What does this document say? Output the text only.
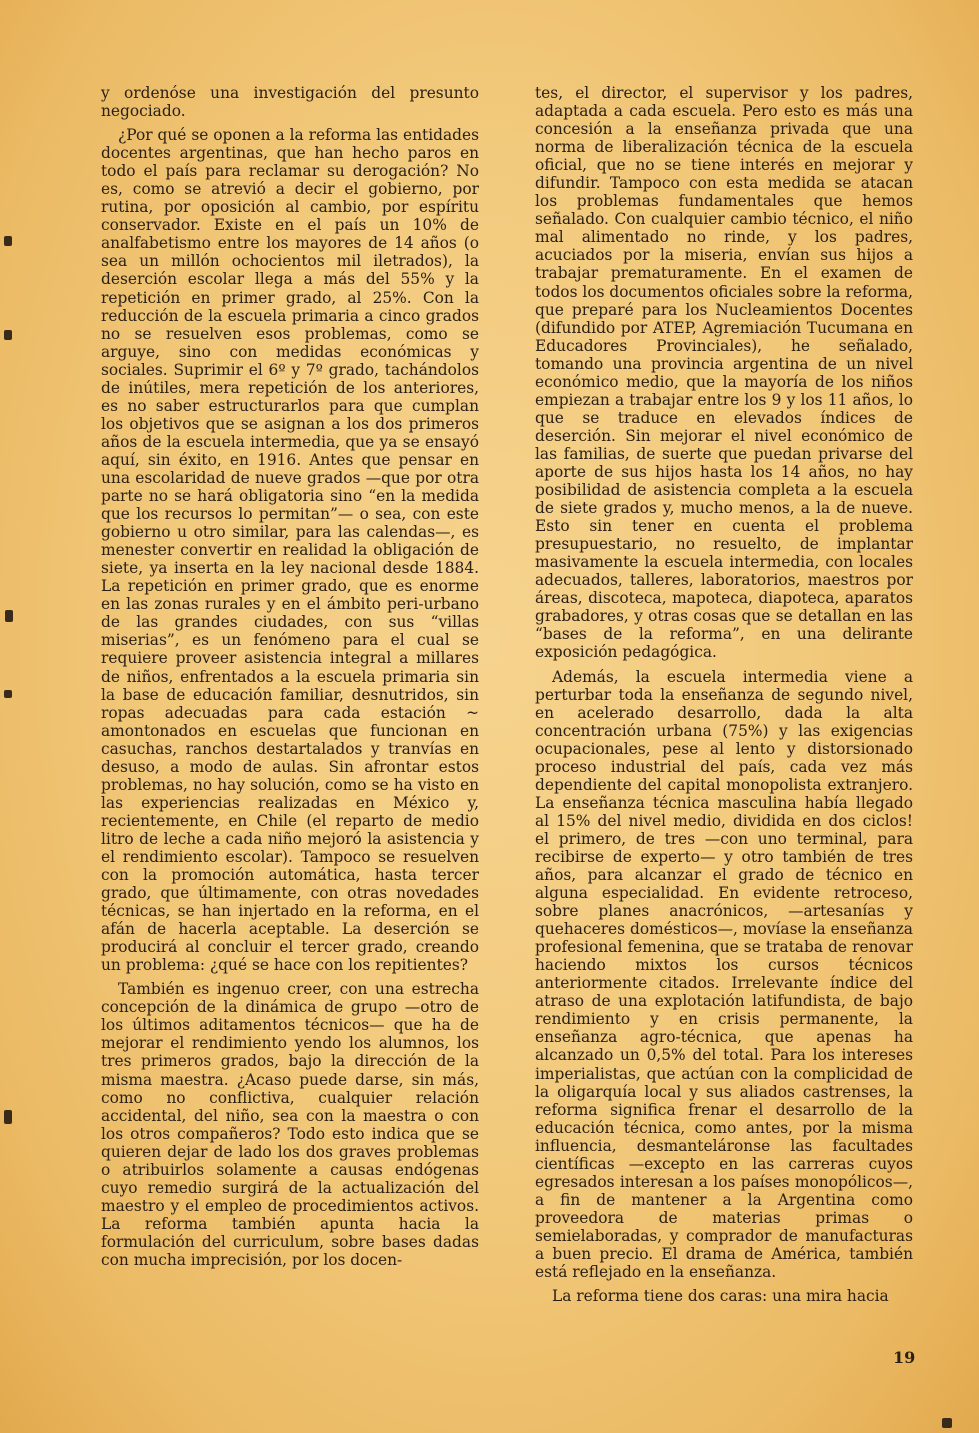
y ordenóse una investigación del presunto negociado.

¿Por qué se oponen a la reforma las entidades docentes argentinas, que han hecho paros en todo el país para reclamar su derogación? No es, como se atrevió a decir el gobierno, por rutina, por oposición al cambio, por espíritu conservador. Existe en el país un 10% de analfabetismo entre los mayores de 14 años (o sea un millón ochocientos mil iletrados), la deserción escolar llega a más del 55% y la repetición en primer grado, al 25%. Con la reducción de la escuela primaria a cinco grados no se resuelven esos problemas, como se arguye, sino con medidas económicas y sociales. Suprimir el 6º y 7º grado, tachándolos de inútiles, mera repetición de los anteriores, es no saber estructurarlos para que cumplan los objetivos que se asignan a los dos primeros años de la escuela intermedia, que ya se ensayó aquí, sin éxito, en 1916. Antes que pensar en una escolaridad de nueve grados —que por otra parte no se hará obligatoria sino “en la medida que los recursos lo permitan”— o sea, con este gobierno u otro similar, para las calendas—, es menester convertir en realidad la obligación de siete, ya inserta en la ley nacional desde 1884. La repetición en primer grado, que es enorme en las zonas rurales y en el ámbito peri-urbano de las grandes ciudades, con sus “villas miserias”, es un fenómeno para el cual se requiere proveer asistencia integral a millares de niños, enfrentados a la escuela primaria sin la base de educación familiar, desnutridos, sin ropas adecuadas para cada estación ~ amontonados en escuelas que funcionan en casuchas, ranchos destartalados y tranvías en desuso, a modo de aulas. Sin afrontar estos problemas, no hay solución, como se ha visto en las experiencias realizadas en México y, recientemente, en Chile (el reparto de medio litro de leche a cada niño mejoró la asistencia y el rendimiento escolar). Tampoco se resuelven con la promoción automática, hasta tercer grado, que últimamente, con otras novedades técnicas, se han injertado en la reforma, en el afán de hacerla aceptable. La deserción se producirá al concluir el tercer grado, creando un problema: ¿qué se hace con los repitientes?

También es ingenuo creer, con una estrecha concepción de la dinámica de grupo —otro de los últimos aditamentos técnicos— que ha de mejorar el rendimiento yendo los alumnos, los tres primeros grados, bajo la dirección de la misma maestra. ¿Acaso puede darse, sin más, como no conflictiva, cualquier relación accidental, del niño, sea con la maestra o con los otros compañeros? Todo esto indica que se quieren dejar de lado los dos graves problemas o atribuirlos solamente a causas endógenas cuyo remedio surgirá de la actualización del maestro y el empleo de procedimientos activos. La reforma también apunta hacia la formulación del curriculum, sobre bases dadas con mucha imprecisión, por los docen-

tes, el director, el supervisor y los padres, adaptada a cada escuela. Pero esto es más una concesión a la enseñanza privada que una norma de liberalización técnica de la escuela oficial, que no se tiene interés en mejorar y difundir. Tampoco con esta medida se atacan los problemas fundamentales que hemos señalado. Con cualquier cambio técnico, el niño mal alimentado no rinde, y los padres, acuciados por la miseria, envían sus hijos a trabajar prematuramente. En el examen de todos los documentos oficiales sobre la reforma, que preparé para los Nucleamientos Docentes (difundido por ATEP, Agremiación Tucumana en Educadores Provinciales), he señalado, tomando una provincia argentina de un nivel económico medio, que la mayoría de los niños empiezan a trabajar entre los 9 y los 11 años, lo que se traduce en elevados índices de deserción. Sin mejorar el nivel económico de las familias, de suerte que puedan privarse del aporte de sus hijos hasta los 14 años, no hay posibilidad de asistencia completa a la escuela de siete grados y, mucho menos, a la de nueve. Esto sin tener en cuenta el problema presupuestario, no resuelto, de implantar masivamente la escuela intermedia, con locales adecuados, talleres, laboratorios, maestros por áreas, discoteca, mapoteca, diapoteca, aparatos grabadores, y otras cosas que se detallan en las “bases de la reforma”, en una delirante exposición pedagógica.

Además, la escuela intermedia viene a perturbar toda la enseñanza de segundo nivel, en acelerado desarrollo, dada la alta concentración urbana (75%) y las exigencias ocupacionales, pese al lento y distorsionado proceso industrial del país, cada vez más dependiente del capital monopolista extranjero. La enseñanza técnica masculina había llegado al 15% del nivel medio, dividida en dos ciclos! el primero, de tres —con uno terminal, para recibirse de experto— y otro también de tres años, para alcanzar el grado de técnico en alguna especialidad. En evidente retroceso, sobre planes anacrónicos, —artesanías y quehaceres domésticos—, movíase la enseñanza profesional femenina, que se trataba de renovar haciendo mixtos los cursos técnicos anteriormente citados. Irrelevante índice del atraso de una explotación latifundista, de bajo rendimiento y en crisis permanente, la enseñanza agro-técnica, que apenas ha alcanzado un 0,5% del total. Para los intereses imperialistas, que actúan con la complicidad de la oligarquía local y sus aliados castrenses, la reforma significa frenar el desarrollo de la educación técnica, como antes, por la misma influencia, desmanteláronse las facultades científicas —excepto en las carreras cuyos egresados interesan a los países monopólicos—, a fin de mantener a la Argentina como proveedora de materias primas o semielaboradas, y comprador de manufacturas a buen precio. El drama de América, también está reflejado en la enseñanza.

La reforma tiene dos caras: una mira hacia

19
